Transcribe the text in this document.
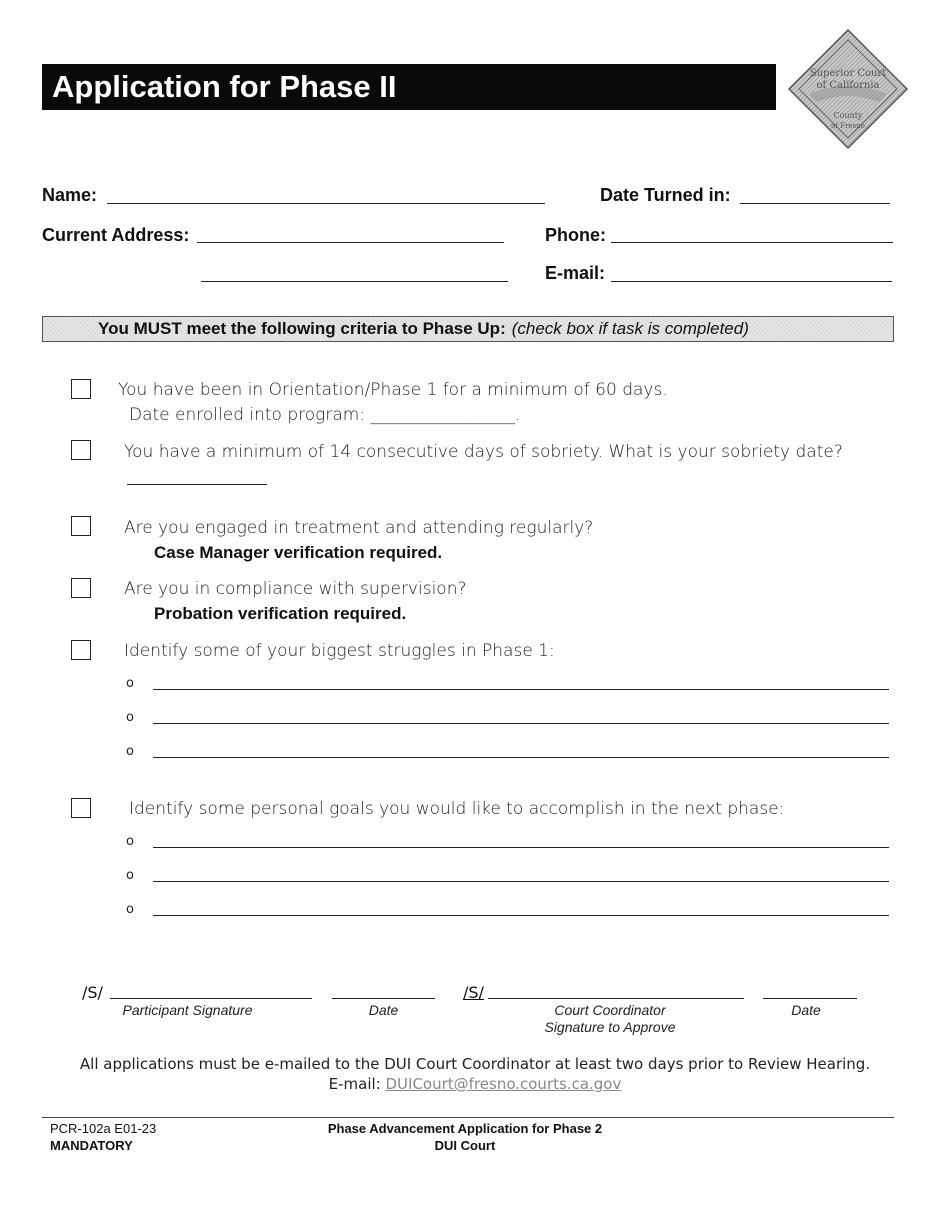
Application for Phase II	Superior Court
of California
County
of Fresno
Name:	Date Turned in:
Current Address:	Phone:
E-mail:
You MUST meet the following criteria to Phase Up: (check box if task is completed)
You have been in Orientation/Phase 1 for a minimum of 60 days.
Date enrolled into program: _________________.
You have a minimum of 14 consecutive days of sobriety. What is your sobriety date?
Are you engaged in treatment and attending regularly?
Case Manager verification required.
Are you in compliance with supervision?
Probation verification required.
Identify some of your biggest struggles in Phase 1:
o
o
o
Identify some personal goals you would like to accomplish in the next phase:
o
o
o
/S/
Participant Signature	Date
/S/
Court Coordinator
Signature to Approve
Date
All applications must be e-mailed to the DUI Court Coordinator at least two days prior to Review Hearing.
E-mail: DUICourt@fresno.courts.ca.gov
PCR-102a E01-23
MANDATORY
Phase Advancement Application for Phase 2
DUI Court
